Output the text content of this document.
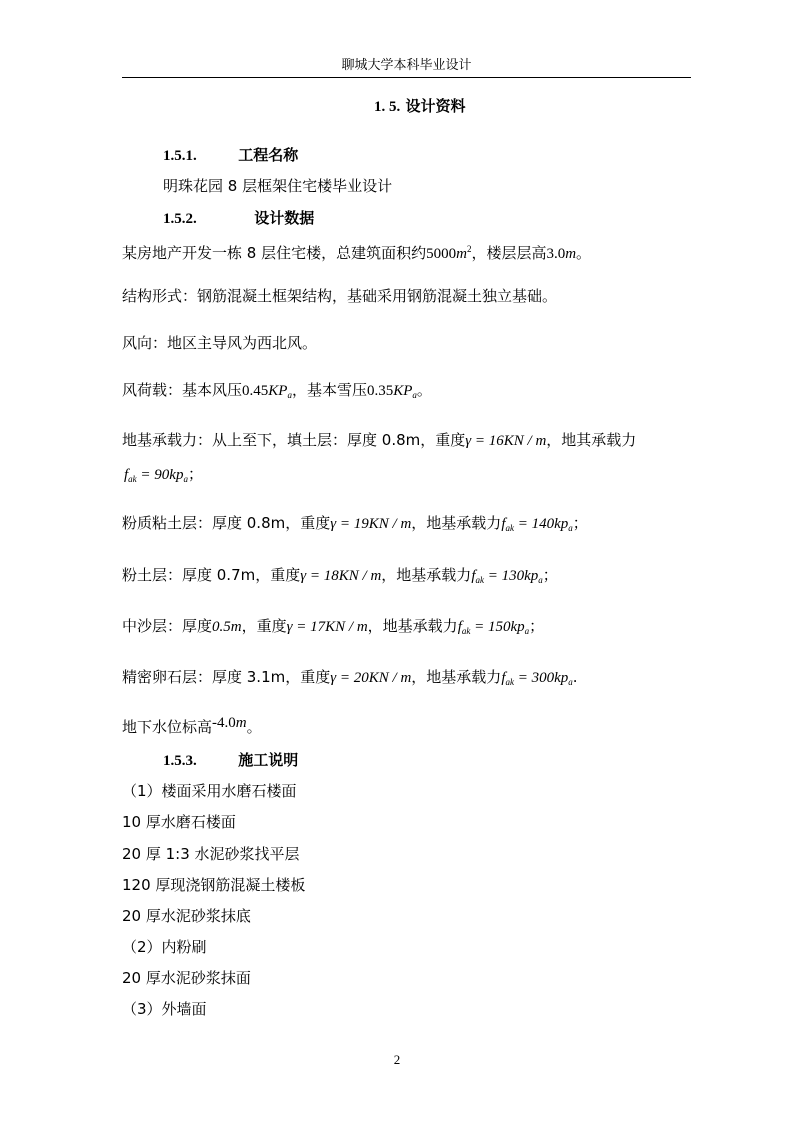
聊城大学本科毕业设计
1. 5. 设计资料
1.5.1.	工程名称
明珠花园 8 层框架住宅楼毕业设计
1.5.2.	设计数据
某房地产开发一栋 8 层住宅楼，总建筑面积约$5000m^2$，楼层层高3.0m。
结构形式：钢筋混凝土框架结构，基础采用钢筋混凝土独立基础。
风向：地区主导风为西北风。
风荷载：基本风压$0.45KP_a$，基本雪压$0.35KP_a$。
地基承载力：从上至下，填土层：厚度 0.8m，重度γ = 16KN / m，地其承载力
$f_{ak} = 90kp_a$；
粉质粘土层：厚度 0.8m，重度γ = 19KN / m，地基承载力$f_{ak} = 140kp_a$；
粉土层：厚度 0.7m，重度γ = 18KN / m，地基承载力$f_{ak} = 130kp_a$；
中沙层：厚度0.5m，重度γ = 17KN / m，地基承载力$f_{ak} = 150kp_a$；
精密卵石层：厚度 3.1m，重度γ = 20KN / m，地基承载力$f_{ak} = 300kp_a$.
地下水位标高-4.0m。
1.5.3.	施工说明
（1）楼面采用水磨石楼面
10 厚水磨石楼面
20 厚 1:3 水泥砂浆找平层
120 厚现浇钢筋混凝土楼板
20 厚水泥砂浆抹底
（2）内粉刷
20 厚水泥砂浆抹面
（3）外墙面
2
